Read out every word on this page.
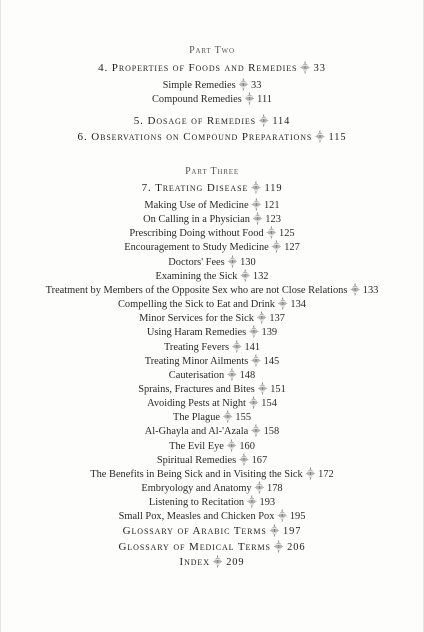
Part Two
4. Properties of Foods and Remedies ⸎ 33
Simple Remedies ⸎ 33
Compound Remedies ⸎ 111
5. Dosage of Remedies ⸎ 114
6. Observations on Compound Preparations ⸎ 115
Part Three
7. Treating Disease ⸎ 119
Making Use of Medicine ⸎ 121
On Calling in a Physician ⸎ 123
Prescribing Doing without Food ⸎ 125
Encouragement to Study Medicine ⸎ 127
Doctors' Fees ⸎ 130
Examining the Sick ⸎ 132
Treatment by Members of the Opposite Sex who are not Close Relations ⸎ 133
Compelling the Sick to Eat and Drink ⸎ 134
Minor Services for the Sick ⸎ 137
Using Haram Remedies ⸎ 139
Treating Fevers ⸎ 141
Treating Minor Ailments ⸎ 145
Cauterisation ⸎ 148
Sprains, Fractures and Bites ⸎ 151
Avoiding Pests at Night ⸎ 154
The Plague ⸎ 155
Al-Ghayla and Al-'Azala ⸎ 158
The Evil Eye ⸎ 160
Spiritual Remedies ⸎ 167
The Benefits in Being Sick and in Visiting the Sick ⸎ 172
Embryology and Anatomy ⸎ 178
Listening to Recitation ⸎ 193
Small Pox, Measles and Chicken Pox ⸎ 195
Glossary of Arabic Terms ⸎ 197
Glossary of Medical Terms ⸎ 206
Index ⸎ 209
